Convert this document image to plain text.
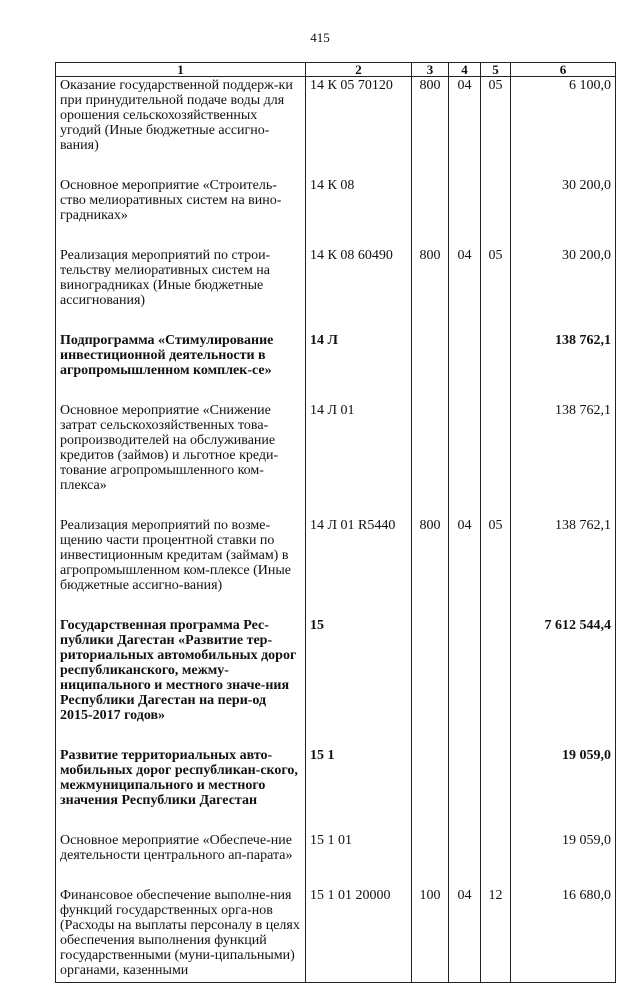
415
1	2	3	4	5	6
Оказание государственной поддерж-ки при принудительной подаче воды для орошения сельскохозяйственных угодий (Иные бюджетные ассигно-вания)	14 К 05 70120	800	04	05	6 100,0
Основное мероприятие «Строитель-ство мелиоративных систем на вино-градниках»	14 К 08				30 200,0
Реализация мероприятий по строи-тельству мелиоративных систем на виноградниках (Иные бюджетные ассигнования)	14 К 08 60490	800	04	05	30 200,0
Подпрограмма «Стимулирование инвестиционной деятельности в агропромышленном комплек-се»	14 Л				138 762,1
Основное мероприятие «Снижение затрат сельскохозяйственных това-ропроизводителей на обслуживание кредитов (займов) и льготное креди-тование агропромышленного ком-плекса»	14 Л 01				138 762,1
Реализация мероприятий по возме-щению части процентной ставки по инвестиционным кредитам (займам) в агропромышленном ком-плексе (Иные бюджетные ассигно-вания)	14 Л 01 R5440	800	04	05	138 762,1
Государственная программа Рес-публики Дагестан «Развитие тер-риториальных автомобильных дорог республиканского, межму-ниципального и местного значе-ния Республики Дагестан на пери-од 2015-2017 годов»	15				7 612 544,4
Развитие территориальных авто-мобильных дорог республикан-ского, межмуниципального и местного значения Республики Дагестан	15 1				19 059,0
Основное мероприятие «Обеспече-ние деятельности центрального ап-парата»	15 1 01				19 059,0
Финансовое обеспечение выполне-ния функций государственных орга-нов (Расходы на выплаты персоналу в целях обеспечения выполнения функций государственными (муни-ципальными) органами, казенными	15 1 01 20000	100	04	12	16 680,0
